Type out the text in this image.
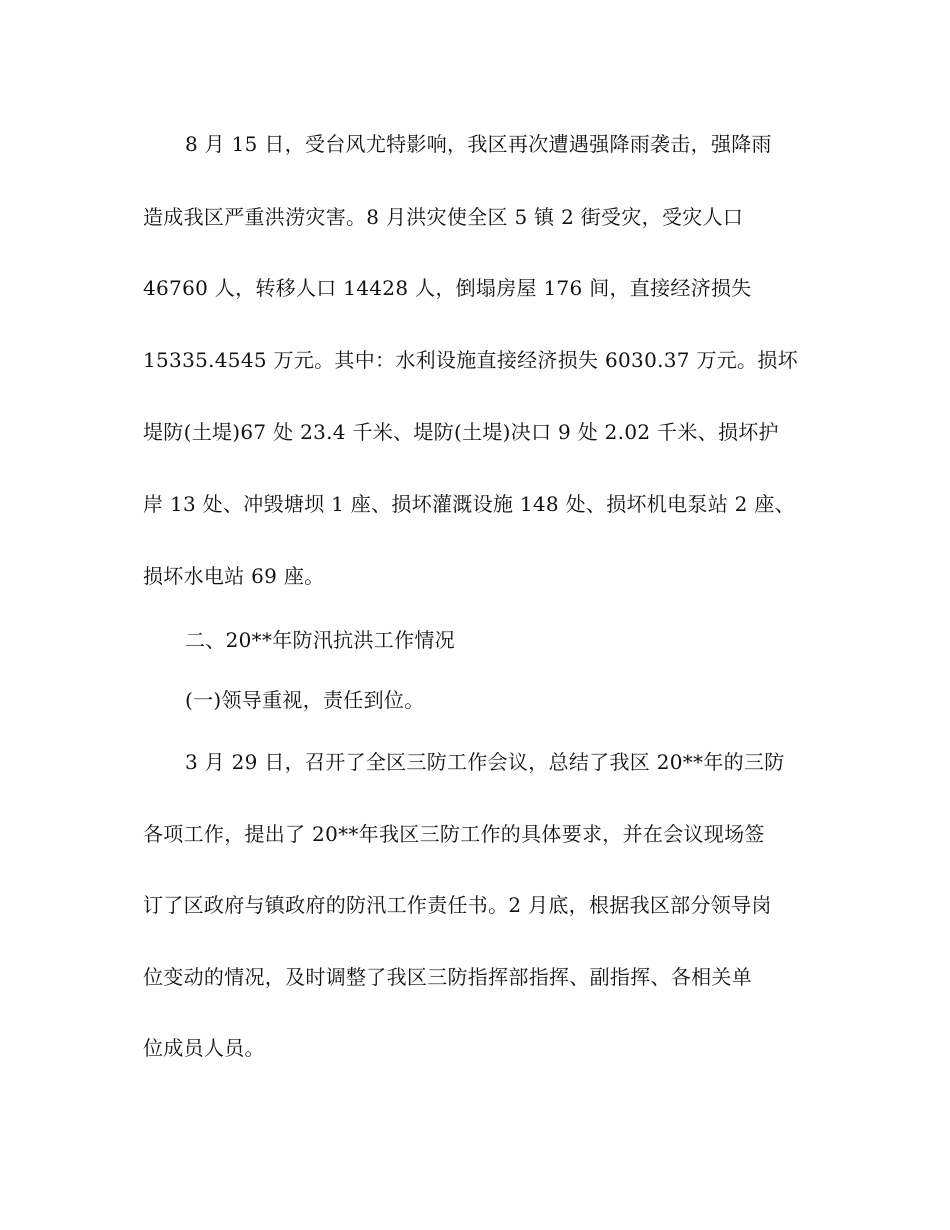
8 月 15 日，受台风尤特影响，我区再次遭遇强降雨袭击，强降雨
造成我区严重洪涝灾害。8 月洪灾使全区 5 镇 2 街受灾，受灾人口
46760 人，转移人口 14428 人，倒塌房屋 176 间，直接经济损失
15335.4545 万元。其中：水利设施直接经济损失 6030.37 万元。损坏
堤防(土堤)67 处 23.4 千米、堤防(土堤)决口 9 处 2.02 千米、损坏护
岸 13 处、冲毁塘坝 1 座、损坏灌溉设施 148 处、损坏机电泵站 2 座、
损坏水电站 69 座。
二、20**年防汛抗洪工作情况
(一)领导重视，责任到位。
3 月 29 日，召开了全区三防工作会议，总结了我区 20**年的三防
各项工作，提出了 20**年我区三防工作的具体要求，并在会议现场签
订了区政府与镇政府的防汛工作责任书。2 月底，根据我区部分领导岗
位变动的情况，及时调整了我区三防指挥部指挥、副指挥、各相关单
位成员人员。
